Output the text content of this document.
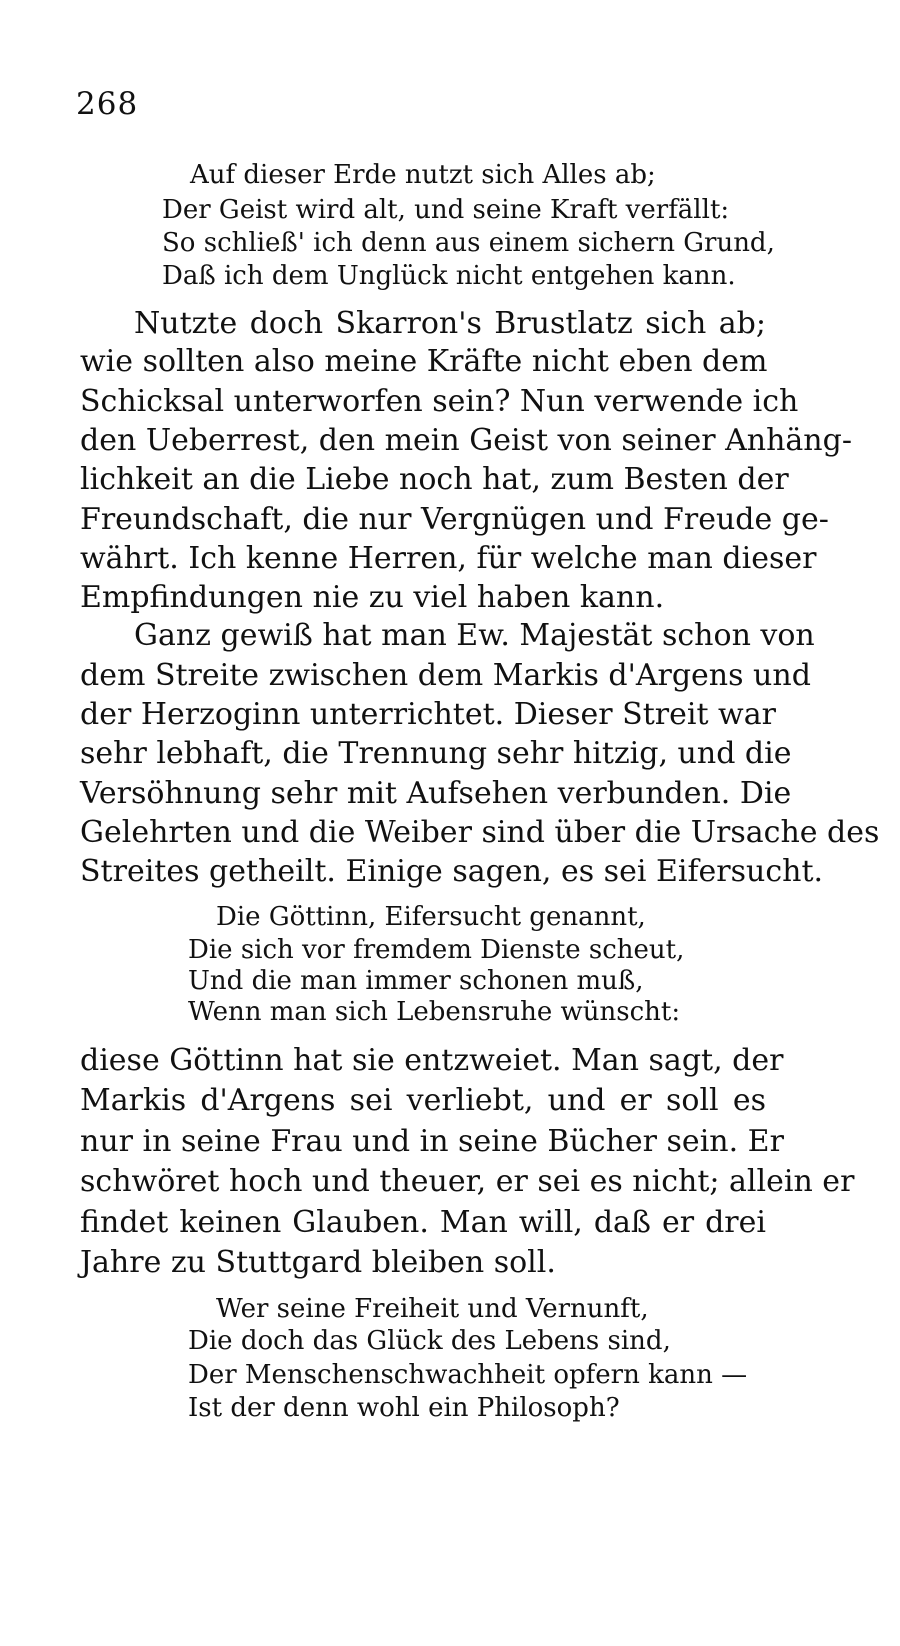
268
Auf dieser Erde nutzt sich Alles ab;
Der Geist wird alt, und seine Kraft verfällt:
So schließ' ich denn aus einem sichern Grund,
Daß ich dem Unglück nicht entgehen kann.
Nutzte doch Skarron's Brustlatz sich ab;
wie sollten also meine Kräfte nicht eben dem
Schicksal unterworfen sein? Nun verwende ich
den Ueberrest, den mein Geist von seiner Anhäng-
lichkeit an die Liebe noch hat, zum Besten der
Freundschaft, die nur Vergnügen und Freude ge-
währt. Ich kenne Herren, für welche man dieser
Empfindungen nie zu viel haben kann.
Ganz gewiß hat man Ew. Majestät schon von
dem Streite zwischen dem Markis d'Argens und
der Herzoginn unterrichtet. Dieser Streit war
sehr lebhaft, die Trennung sehr hitzig, und die
Versöhnung sehr mit Aufsehen verbunden. Die
Gelehrten und die Weiber sind über die Ursache des
Streites getheilt. Einige sagen, es sei Eifersucht.
Die Göttinn, Eifersucht genannt,
Die sich vor fremdem Dienste scheut,
Und die man immer schonen muß,
Wenn man sich Lebensruhe wünscht:
diese Göttinn hat sie entzweiet. Man sagt, der
Markis d'Argens sei verliebt, und er soll es
nur in seine Frau und in seine Bücher sein. Er
schwöret hoch und theuer, er sei es nicht; allein er
findet keinen Glauben. Man will, daß er drei
Jahre zu Stuttgard bleiben soll.
Wer seine Freiheit und Vernunft,
Die doch das Glück des Lebens sind,
Der Menschenschwachheit opfern kann —
Ist der denn wohl ein Philosoph?
